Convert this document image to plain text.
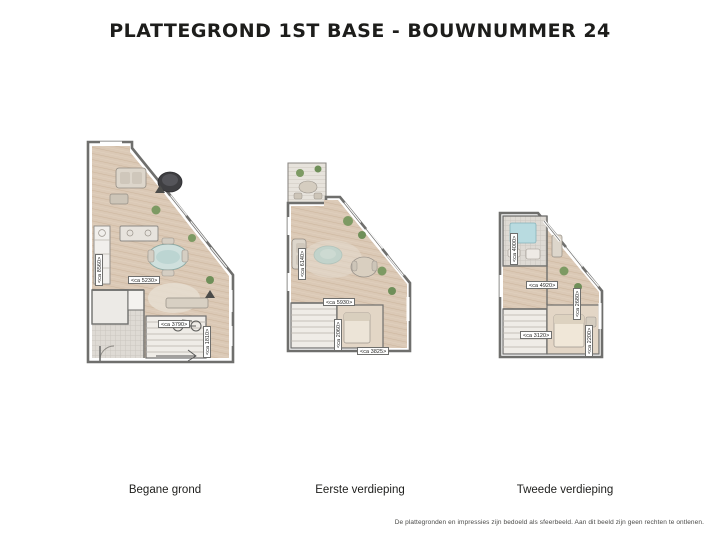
PLATTEGROND 1ST BASE - BOUWNUMMER 24
<ca 5230>
<ca 8560>
<ca 3790>
<ca 1810>
Begane grond
<ca 6140>
<ca 5930>
<ca 2060>
<ca 3825>
Eerste verdieping
<ca 4000>
<ca 4920>
<ca 2680>
<ca 3120>	<ca 2200>
Tweede verdieping
De plattegronden en impressies zijn bedoeld als sfeerbeeld. Aan dit beeld zijn geen rechten te ontlenen.
